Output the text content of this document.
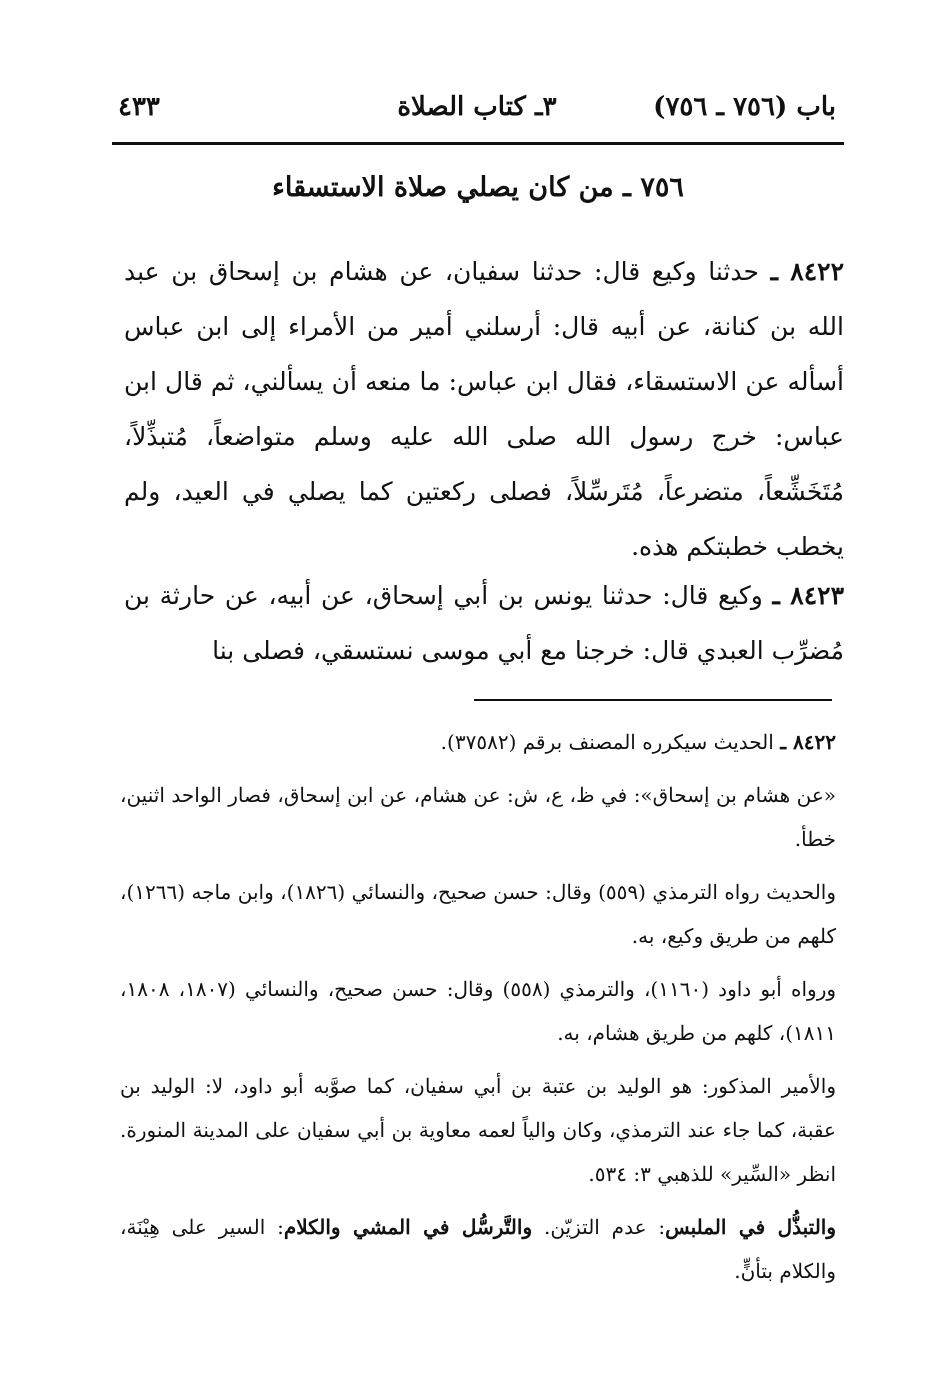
باب (٧٥٦ ـ ٧٥٦)
٣ـ كتاب الصلاة
٤٣٣
٧٥٦ ـ من كان يصلي صلاة الاستسقاء
٨٤٢٢ ـ حدثنا وكيع قال: حدثنا سفيان، عن هشام بن إسحاق بن عبد الله بن كنانة، عن أبيه قال: أرسلني أمير من الأمراء إلى ابن عباس أسأله عن الاستسقاء، فقال ابن عباس: ما منعه أن يسألني، ثم قال ابن عباس: خرج رسول الله صلى الله عليه وسلم متواضعاً، مُتبذِّلاً، مُتَخَشِّعاً، متضرعاً، مُتَرسِّلاً، فصلى ركعتين كما يصلي في العيد، ولم يخطب خطبتكم هذه.
٨٤٢٣ ـ وكيع قال: حدثنا يونس بن أبي إسحاق، عن أبيه، عن حارثة بن مُضرِّب العبدي قال: خرجنا مع أبي موسى نستسقي، فصلى بنا

٨٤٢٢ ـ الحديث سيكرره المصنف برقم (٣٧٥٨٢).

«عن هشام بن إسحاق»: في ظ، ع، ش: عن هشام، عن ابن إسحاق، فصار الواحد اثنين، خطأ.

والحديث رواه الترمذي (٥٥٩) وقال: حسن صحيح، والنسائي (١٨٢٦)، وابن ماجه (١٢٦٦)، كلهم من طريق وكيع، به.

ورواه أبو داود (١١٦٠)، والترمذي (٥٥٨) وقال: حسن صحيح، والنسائي (١٨٠٧، ١٨٠٨، ١٨١١)، كلهم من طريق هشام، به.

والأمير المذكور: هو الوليد بن عتبة بن أبي سفيان، كما صوَّبه أبو داود، لا: الوليد بن عقبة، كما جاء عند الترمذي، وكان والياً لعمه معاوية بن أبي سفيان على المدينة المنورة. انظر «السِّير» للذهبي ٣: ٥٣٤.

والتبذُّل في الملبس: عدم التزيّن. والتَّرسُّل في المشي والكلام: السير على هِيْنَة، والكلام بتأنٍّ.
